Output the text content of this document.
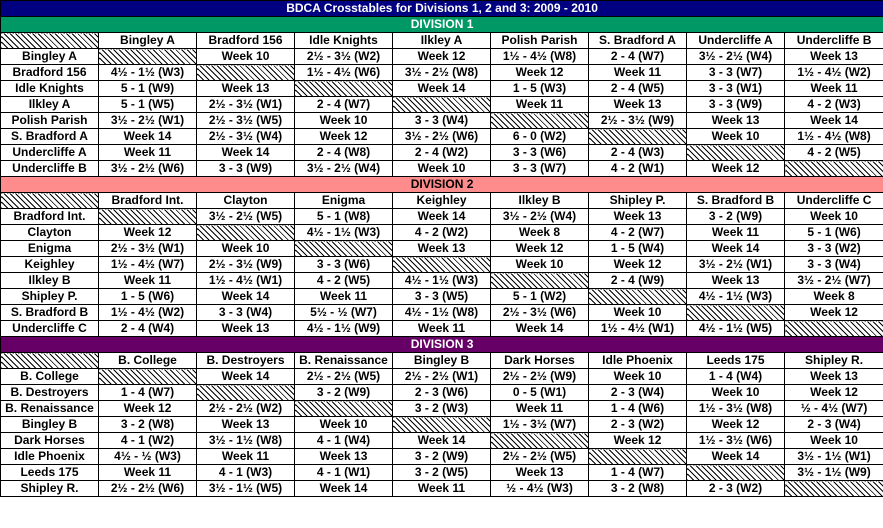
BDCA Crosstables for Divisions 1, 2 and 3: 2009 - 2010								
DIVISION 1								
	Bingley A	Bradford 156	Idle Knights	Ilkley A	Polish Parish	S. Bradford A	Undercliffe A	Undercliffe B
Bingley A		Week 10	2½ - 3½ (W2)	Week 12	1½ - 4½ (W8)	2 - 4 (W7)	3½ - 2½ (W4)	Week 13
Bradford 156	4½ - 1½ (W3)		1½ - 4½ (W6)	3½ - 2½ (W8)	Week 12	Week 11	3 - 3 (W7)	1½ - 4½ (W2)
Idle Knights	5 - 1 (W9)	Week 13		Week 14	1 - 5 (W3)	2 - 4 (W5)	3 - 3 (W1)	Week 11
Ilkley A	5 - 1 (W5)	2½ - 3½ (W1)	2 - 4 (W7)		Week 11	Week 13	3 - 3 (W9)	4 - 2 (W3)
Polish Parish	3½ - 2½ (W1)	2½ - 3½ (W5)	Week 10	3 - 3 (W4)		2½ - 3½ (W9)	Week 13	Week 14
S. Bradford A	Week 14	2½ - 3½ (W4)	Week 12	3½ - 2½ (W6)	6 - 0 (W2)		Week 10	1½ - 4½ (W8)
Undercliffe A	Week 11	Week 14	2 - 4 (W8)	2 - 4 (W2)	3 - 3 (W6)	2 - 4 (W3)		4 - 2 (W5)
Undercliffe B	3½ - 2½ (W6)	3 - 3 (W9)	3½ - 2½ (W4)	Week 10	3 - 3 (W7)	4 - 2 (W1)	Week 12	
DIVISION 2								
	Bradford Int.	Clayton	Enigma	Keighley	Ilkley B	Shipley P.	S. Bradford B	Undercliffe C
Bradford Int.		3½ - 2½ (W5)	5 - 1 (W8)	Week 14	3½ - 2½ (W4)	Week 13	3 - 2 (W9)	Week 10
Clayton	Week 12		4½ - 1½ (W3)	4 - 2 (W2)	Week 8	4 - 2 (W7)	Week 11	5 - 1 (W6)
Enigma	2½ - 3½ (W1)	Week 10		Week 13	Week 12	1 - 5 (W4)	Week 14	3 - 3 (W2)
Keighley	1½ - 4½ (W7)	2½ - 3½ (W9)	3 - 3 (W6)		Week 10	Week 12	3½ - 2½ (W1)	3 - 3 (W4)
Ilkley B	Week 11	1½ - 4½ (W1)	4 - 2 (W5)	4½ - 1½ (W3)		2 - 4 (W9)	Week 13	3½ - 2½ (W7)
Shipley P.	1 - 5 (W6)	Week 14	Week 11	3 - 3 (W5)	5 - 1 (W2)		4½ - 1½ (W3)	Week 8
S. Bradford B	1½ - 4½ (W2)	3 - 3 (W4)	5½ - ½ (W7)	4½ - 1½ (W8)	2½ - 3½ (W6)	Week 10		Week 12
Undercliffe C	2 - 4 (W4)	Week 13	4½ - 1½ (W9)	Week 11	Week 14	1½ - 4½ (W1)	4½ - 1½ (W5)	
DIVISION 3								
	B. College	B. Destroyers	B. Renaissance	Bingley B	Dark Horses	Idle Phoenix	Leeds 175	Shipley R.
B. College		Week 14	2½ - 2½ (W5)	2½ - 2½ (W1)	2½ - 2½ (W9)	Week 10	1 - 4 (W4)	Week 13
B. Destroyers	1 - 4 (W7)		3 - 2 (W9)	2 - 3 (W6)	0 - 5 (W1)	2 - 3 (W4)	Week 10	Week 12
B. Renaissance	Week 12	2½ - 2½ (W2)		3 - 2 (W3)	Week 11	1 - 4 (W6)	1½ - 3½ (W8)	½ - 4½ (W7)
Bingley B	3 - 2 (W8)	Week 13	Week 10		1½ - 3½ (W7)	2 - 3 (W2)	Week 12	2 - 3 (W4)
Dark Horses	4 - 1 (W2)	3½ - 1½ (W8)	4 - 1 (W4)	Week 14		Week 12	1½ - 3½ (W6)	Week 10
Idle Phoenix	4½ - ½ (W3)	Week 11	Week 13	3 - 2 (W9)	2½ - 2½ (W5)		Week 14	3½ - 1½ (W1)
Leeds 175	Week 11	4 - 1 (W3)	4 - 1 (W1)	3 - 2 (W5)	Week 13	1 - 4 (W7)		3½ - 1½ (W9)
Shipley R.	2½ - 2½ (W6)	3½ - 1½ (W5)	Week 14	Week 11	½ - 4½ (W3)	3 - 2 (W8)	2 - 3 (W2)	
